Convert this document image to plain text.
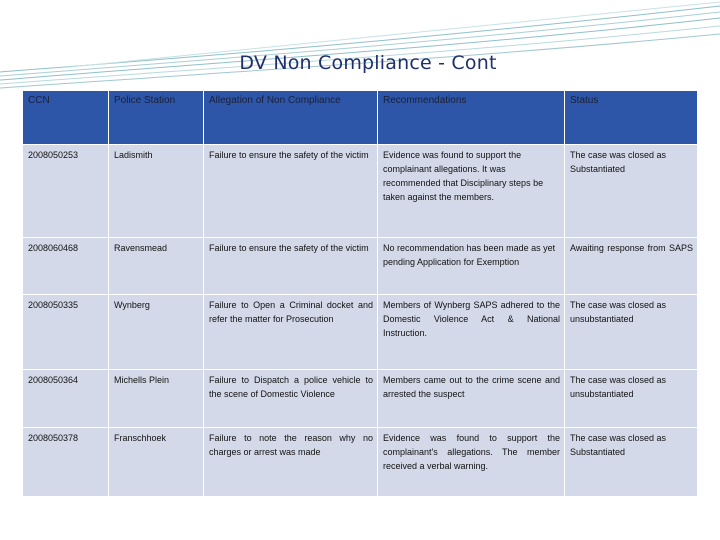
DV Non Compliance - Cont
CCN	Police Station	Allegation of Non Compliance	Recommendations	Status
2008050253	Ladismith	Failure to ensure the safety of the victim	Evidence was found to support the complainant allegations. It was recommended that Disciplinary steps be taken against the members.	The case was closed as Substantiated
2008060468	Ravensmead	Failure to ensure the safety of the victim	No recommendation has been made as yet pending Application for Exemption	Awaiting response from SAPS
2008050335	Wynberg	Failure to Open a Criminal docket and refer the matter for Prosecution	Members of Wynberg SAPS adhered to the Domestic Violence Act & National Instruction.	The case was closed as unsubstantiated
2008050364	Michells Plein	Failure to Dispatch a police vehicle to the scene of Domestic Violence	Members came out to the crime scene and arrested the suspect	The case was closed as unsubstantiated
2008050378	Franschhoek	Failure to note the reason why no charges or arrest was made	Evidence was found to support the complainant's allegations. The member received a verbal warning.	The case was closed as Substantiated
